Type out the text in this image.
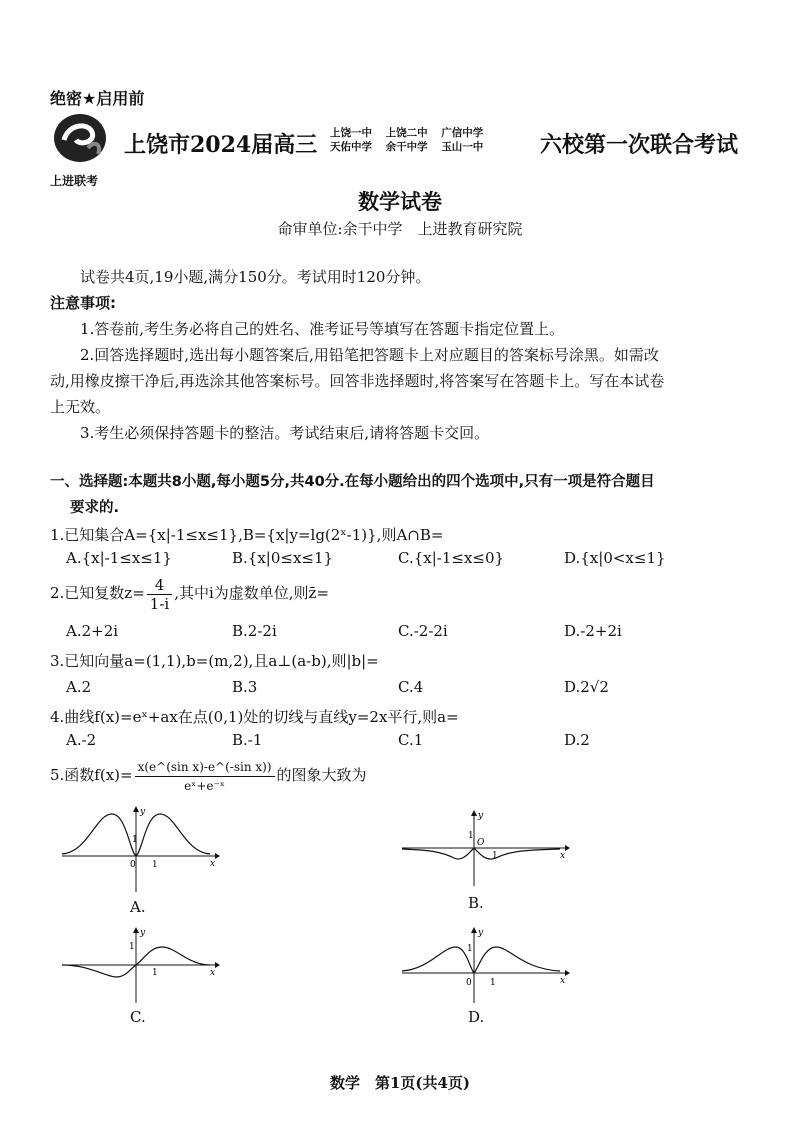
绝密★启用前
上进联考
上饶市2024届高三 上饶一中 上饶二中 广信中学
天佑中学 余干中学 玉山一中	六校第一次联合考试
数学试卷
命审单位:余干中学　上进教育研究院
试卷共4页,19小题,满分150分。考试用时120分钟。
注意事项:
1.答卷前,考生务必将自己的姓名、准考证号等填写在答题卡指定位置上。
2.回答选择题时,选出每小题答案后,用铅笔把答题卡上对应题目的答案标号涂黑。如需改
动,用橡皮擦干净后,再选涂其他答案标号。回答非选择题时,将答案写在答题卡上。写在本试卷
上无效。
3.考生必须保持答题卡的整洁。考试结束后,请将答题卡交回。
一、选择题:本题共8小题,每小题5分,共40分.在每小题给出的四个选项中,只有一项是符合题目
要求的.
1.已知集合A={x|-1≤x≤1},B={x|y=lg(2ˣ-1)},则A∩B=
A.{x|-1≤x≤1}	B.{x|0≤x≤1}	C.{x|-1≤x≤0}	D.{x|0<x≤1}
2.已知复数$z= \frac{4}{1-i}$ ,其中i为虚数单位,则z̄=
A.2+2i	B.2-2i	C.-2-2i	D.-2+2i
3.已知向量a=(1,1),b=(m,2),且a⊥(a-b),则|b|=
A.2	B.3	C.4	D.2√2
4.曲线f(x)=eˣ+ax在点(0,1)处的切线与直线y=2x平行,则a=
A.-2	B.-1	C.1	D.2
5.函数$f(x)= \frac{\text{x(e\textasciicircum{}(sin x)-e\textasciicircum{}(-sin x))}}{\text{eˣ+e⁻ˣ}}$ 的图象大致为
1
0 1
y
x
A.
1
O
1
y
x
B.
1
1
y
x
C.
1
0 1
y
x
D.
数学　第1页(共4页)
